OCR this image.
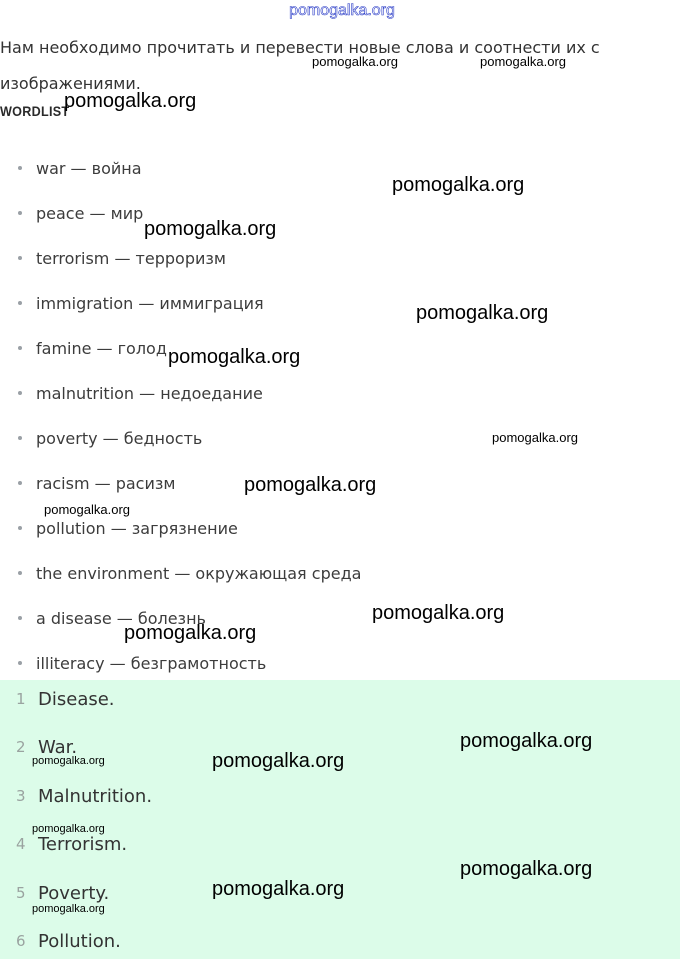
pomogalka.org
Нам необходимо прочитать и перевести новые слова и соотнести их с изображениями.
WORDLIST
war — война
peace — мир
terrorism — терроризм
immigration — иммиграция
famine — голод
malnutrition — недоедание
poverty — бедность
racism — расизм
pollution — загрязнение
the environment — окружающая среда
a disease — болезнь
illiteracy — безграмотность
1 Disease.
2 War.
3 Malnutrition.
4 Terrorism.
5 Poverty.
6 Pollution.
pomogalka.org	pomogalka.org
pomogalka.org
pomogalka.org
pomogalka.org
pomogalka.org
pomogalka.org
pomogalka.org
pomogalka.org
pomogalka.org
pomogalka.org
pomogalka.org
pomogalka.org
pomogalka.org	pomogalka.org
pomogalka.org
pomogalka.org
pomogalka.org
pomogalka.org
